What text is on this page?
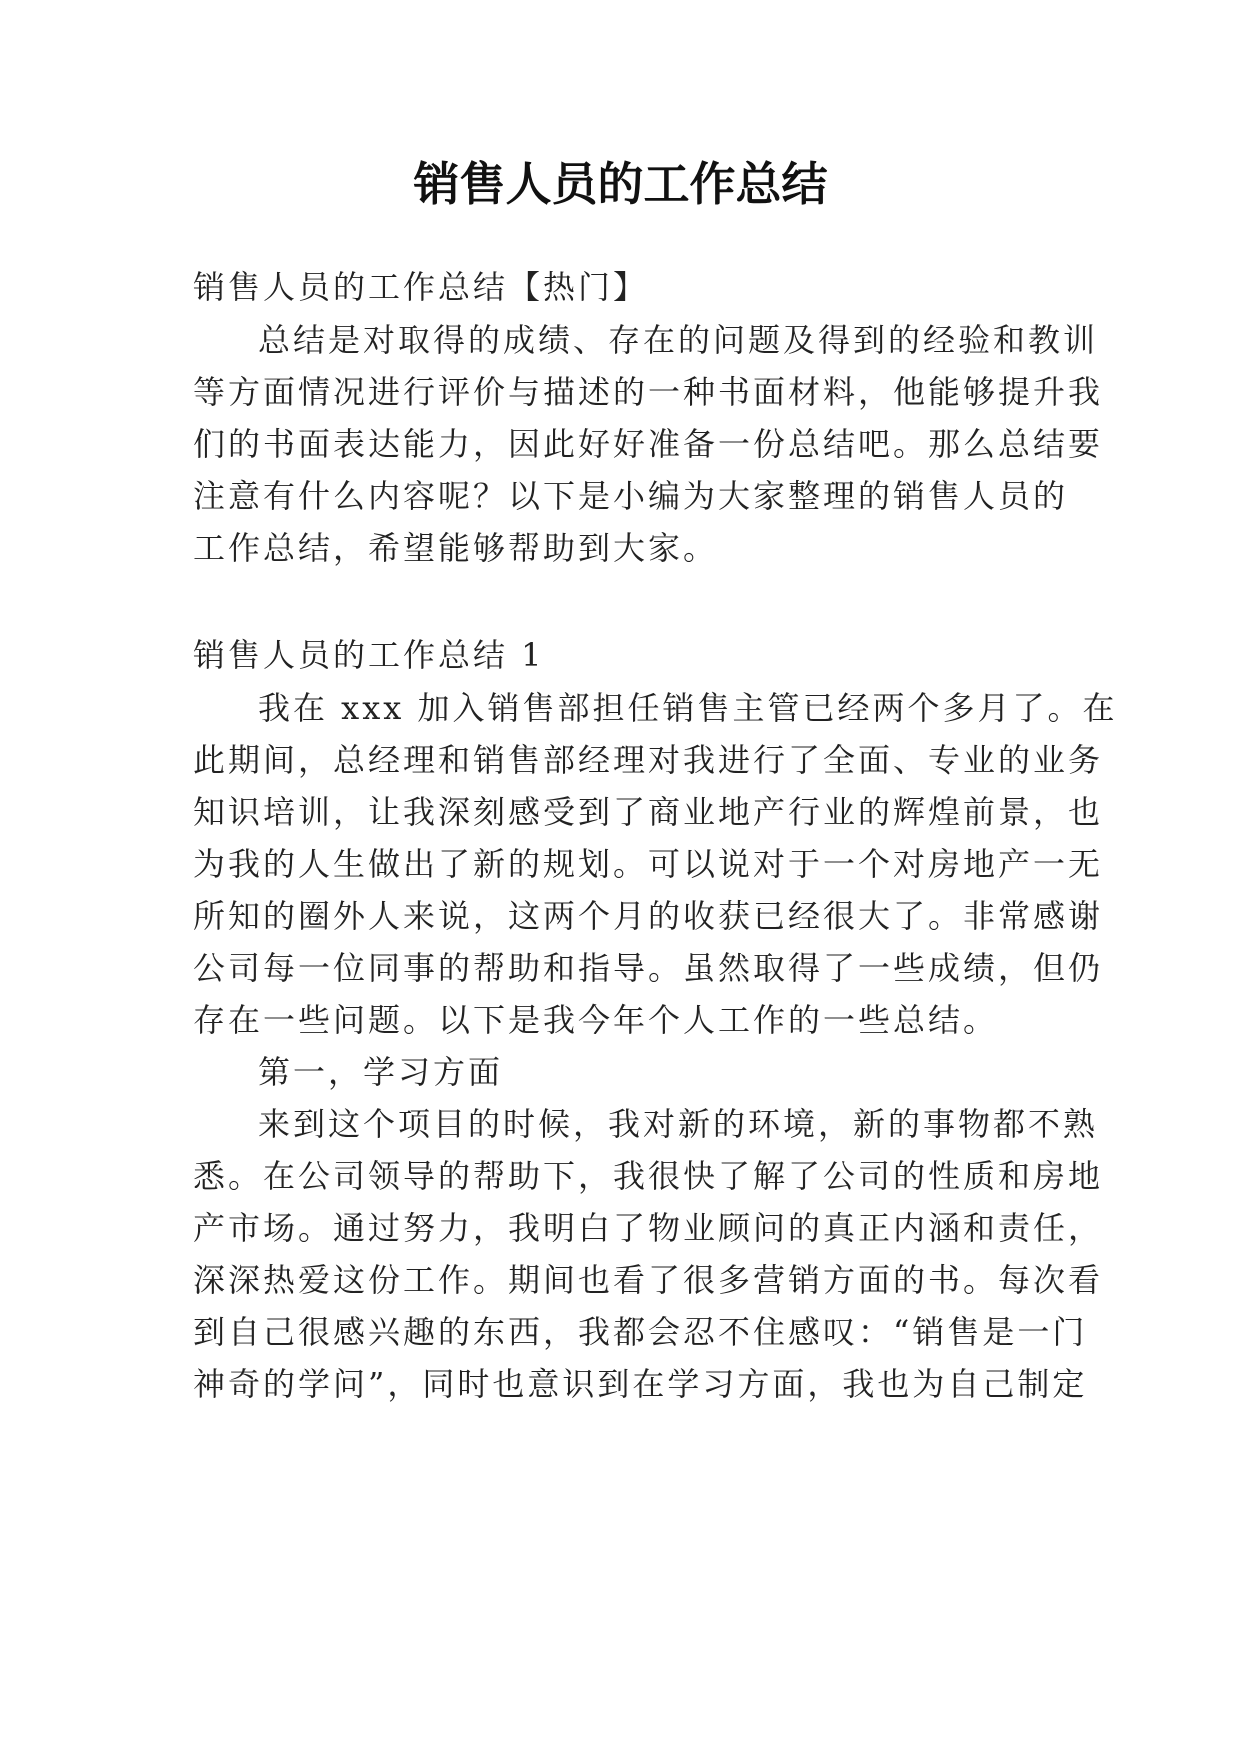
销售人员的工作总结

销售人员的工作总结【热门】

总结是对取得的成绩、存在的问题及得到的经验和教训

等方面情况进行评价与描述的一种书面材料，他能够提升我

们的书面表达能力，因此好好准备一份总结吧。那么总结要

注意有什么内容呢？以下是小编为大家整理的销售人员的

工作总结，希望能够帮助到大家。

销售人员的工作总结 1

我在 xxx 加入销售部担任销售主管已经两个多月了。在

此期间，总经理和销售部经理对我进行了全面、专业的业务

知识培训，让我深刻感受到了商业地产行业的辉煌前景，也

为我的人生做出了新的规划。可以说对于一个对房地产一无

所知的圈外人来说，这两个月的收获已经很大了。非常感谢

公司每一位同事的帮助和指导。虽然取得了一些成绩，但仍

存在一些问题。以下是我今年个人工作的一些总结。

第一，学习方面

来到这个项目的时候，我对新的环境，新的事物都不熟

悉。在公司领导的帮助下，我很快了解了公司的性质和房地

产市场。通过努力，我明白了物业顾问的真正内涵和责任，

深深热爱这份工作。期间也看了很多营销方面的书。每次看

到自己很感兴趣的东西，我都会忍不住感叹：“销售是一门

神奇的学问”，同时也意识到在学习方面，我也为自己制定
